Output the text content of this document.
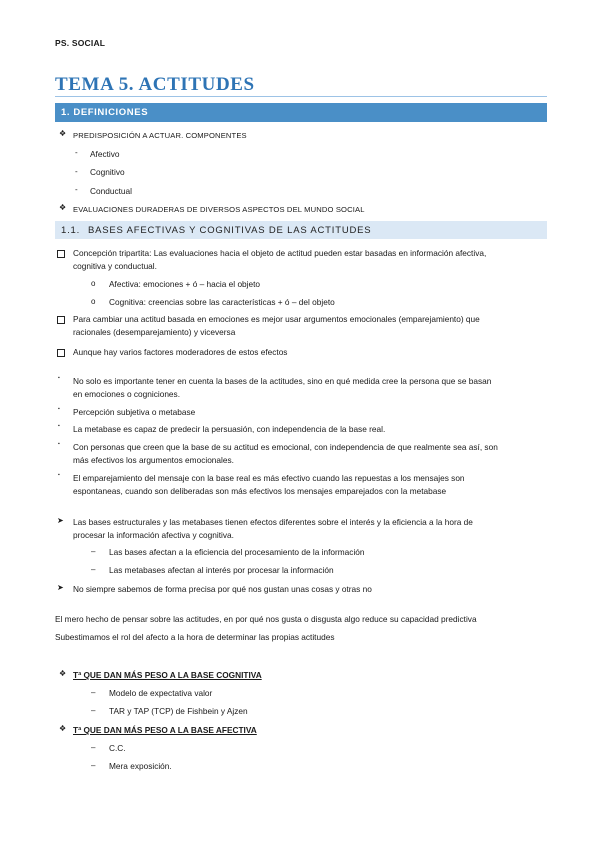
PS. SOCIAL
TEMA 5. ACTITUDES
1. DEFINICIONES
❖ PREDISPOSICIÓN A ACTUAR. COMPONENTES
- Afectivo
- Cognitivo
- Conductual
❖ EVALUACIONES DURADERAS DE DIVERSOS ASPECTOS DEL MUNDO SOCIAL
1.1. BASES AFECTIVAS Y COGNITIVAS DE LAS ACTITUDES
Concepción tripartita: Las evaluaciones hacia el objeto de actitud pueden estar basadas en información afectiva,
cognitiva y conductual.
o Afectiva: emociones + ó – hacia el objeto
o Cognitiva: creencias sobre las características + ó – del objeto
Para cambiar una actitud basada en emociones es mejor usar argumentos emocionales (emparejamiento) que
racionales (desemparejamiento) y viceversa
Aunque hay varios factores moderadores de estos efectos
▪ No solo es importante tener en cuenta la bases de la actitudes, sino en qué medida cree la persona que se basan
en emociones o cogniciones.
▪ Percepción subjetiva o metabase
▪ La metabase es capaz de predecir la persuasión, con independencia de la base real.
▪ Con personas que creen que la base de su actitud es emocional, con independencia de que realmente sea así, son
más efectivos los argumentos emocionales.
▪ El emparejamiento del mensaje con la base real es más efectivo cuando las repuestas a los mensajes son
espontaneas, cuando son deliberadas son más efectivos los mensajes emparejados con la metabase
➤ Las bases estructurales y las metabases tienen efectos diferentes sobre el interés y la eficiencia a la hora de
procesar la información afectiva y cognitiva.
– Las bases afectan a la eficiencia del procesamiento de la información
– Las metabases afectan al interés por procesar la información
➤ No siempre sabemos de forma precisa por qué nos gustan unas cosas y otras no
El mero hecho de pensar sobre las actitudes, en por qué nos gusta o disgusta algo reduce su capacidad predictiva
Subestimamos el rol del afecto a la hora de determinar las propias actitudes
❖ Tª QUE DAN MÁS PESO A LA BASE COGNITIVA
– Modelo de expectativa valor
– TAR y TAP (TCP) de Fishbein y Ajzen
❖ Tª QUE DAN MÁS PESO A LA BASE AFECTIVA
– C.C.
– Mera exposición.
